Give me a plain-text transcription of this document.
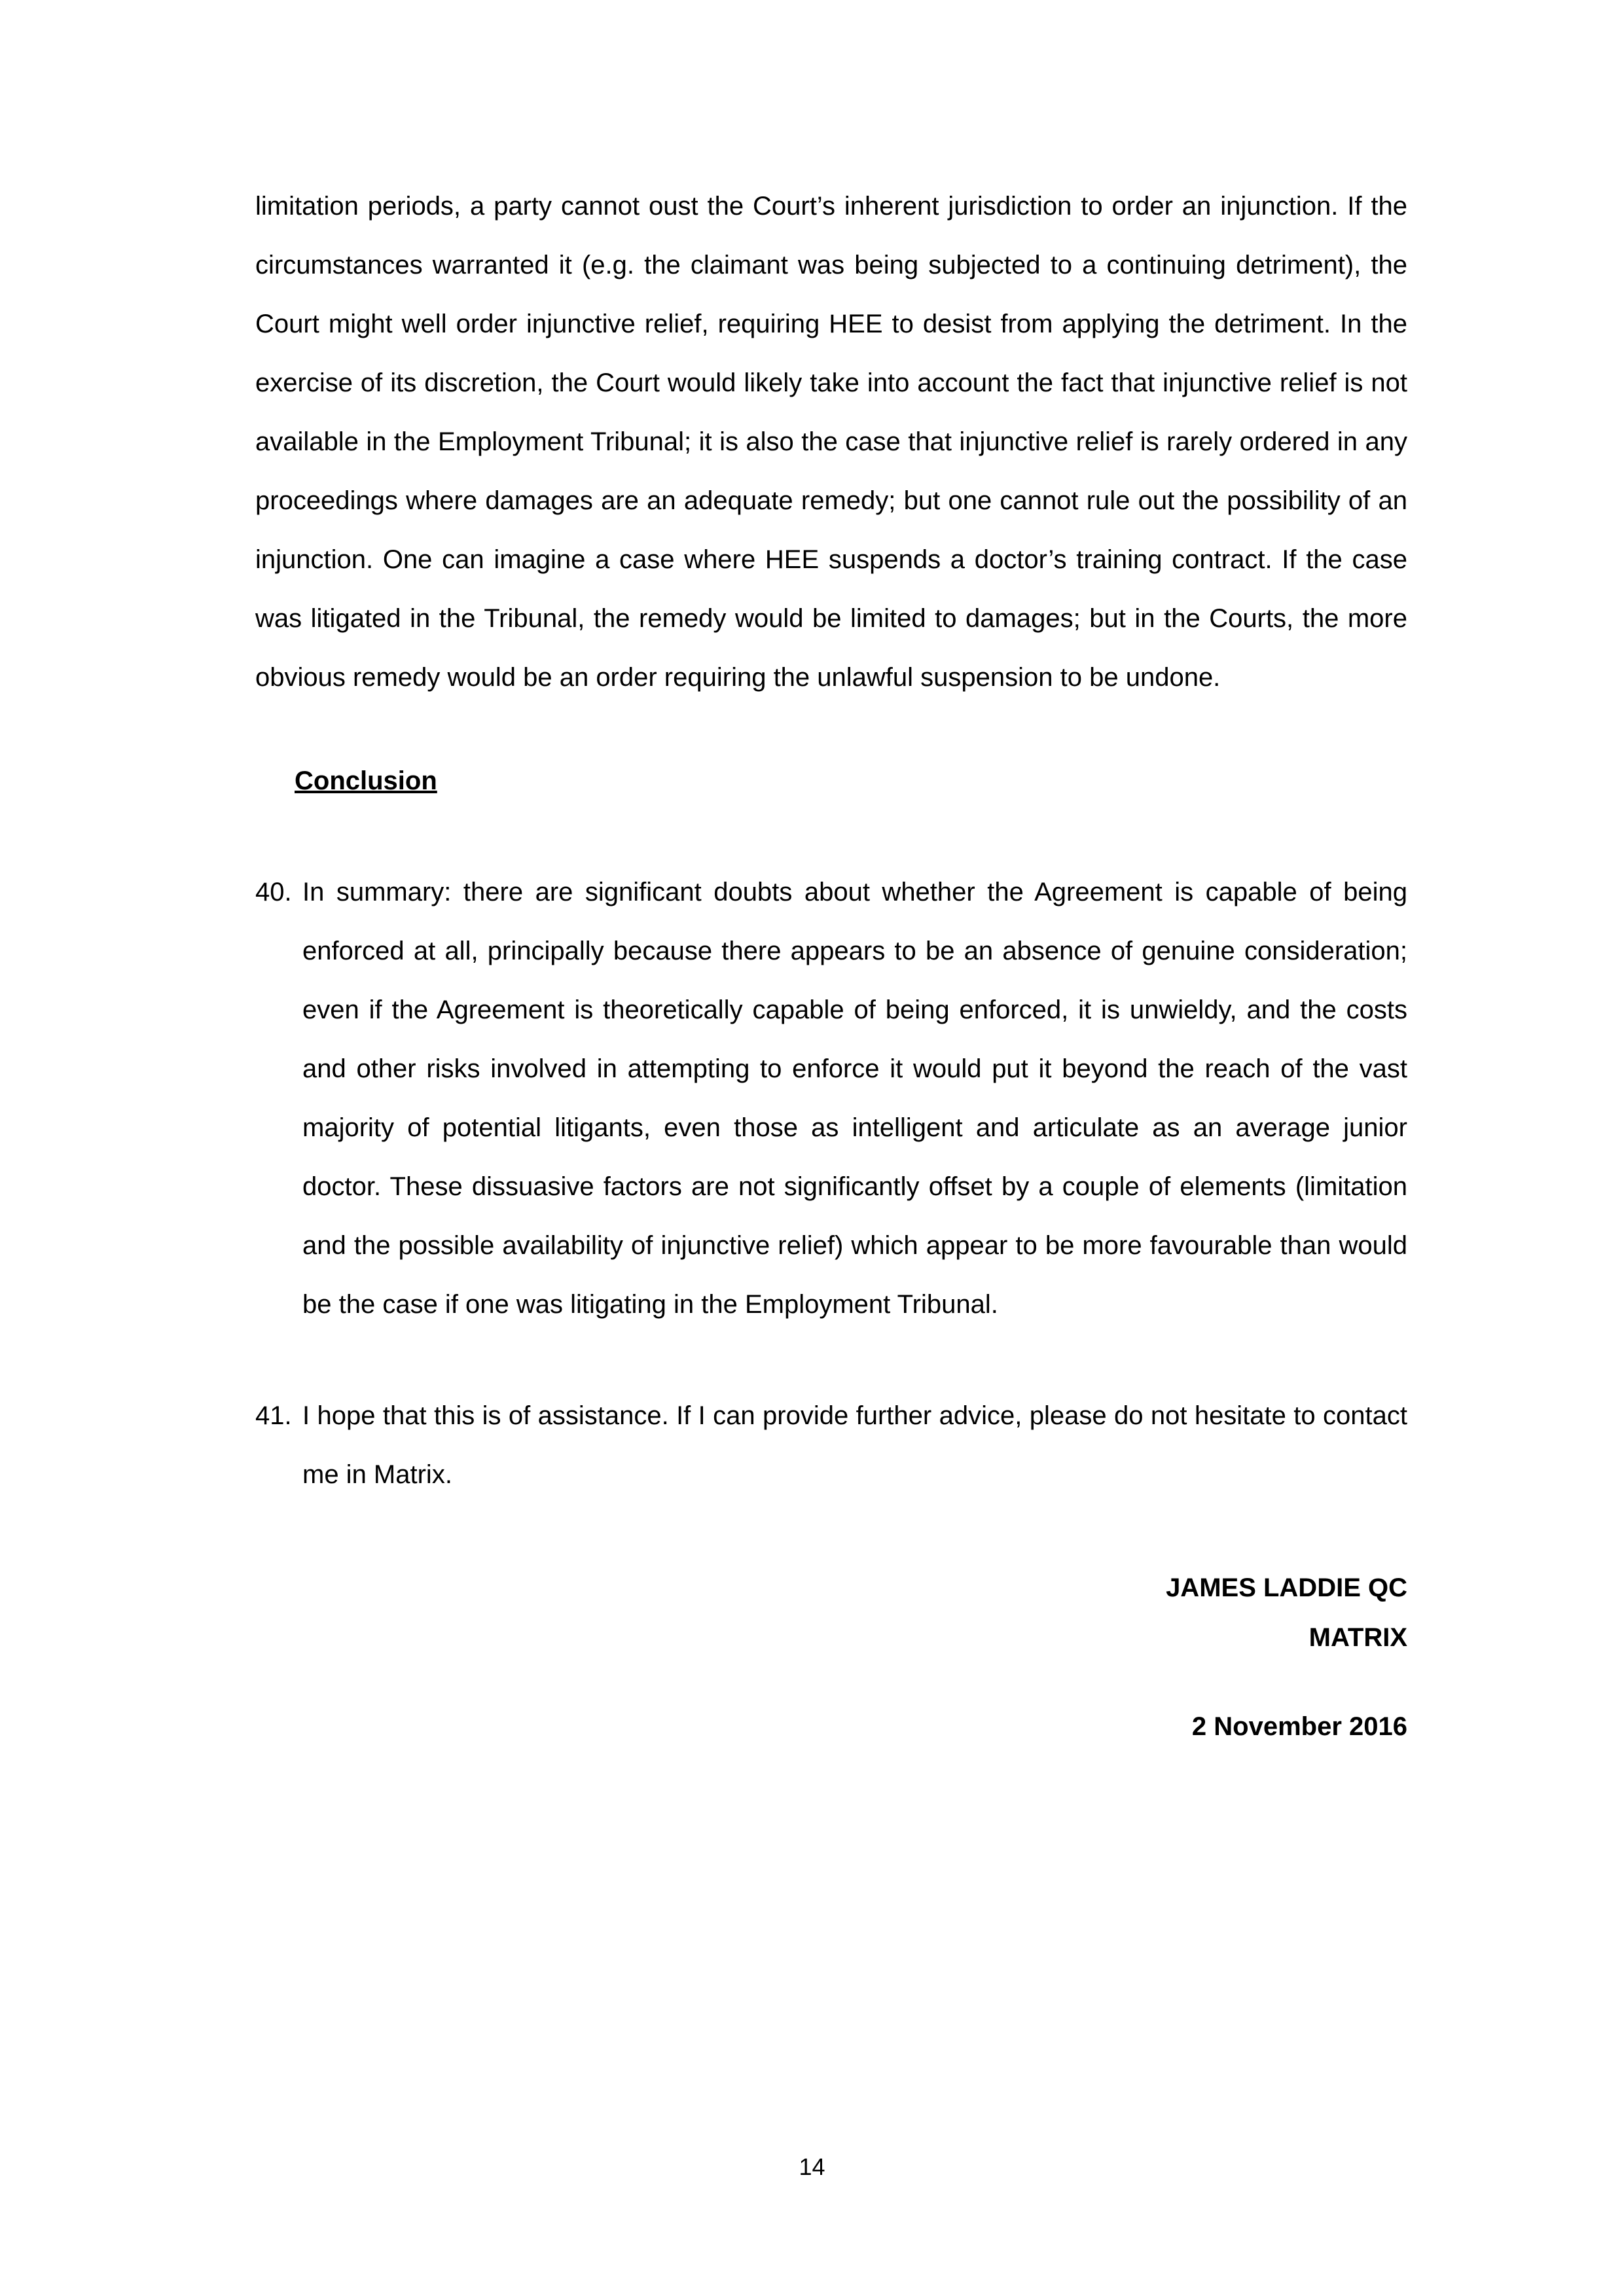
limitation periods, a party cannot oust the Court’s inherent jurisdiction to order an injunction. If the circumstances warranted it (e.g. the claimant was being subjected to a continuing detriment), the Court might well order injunctive relief, requiring HEE to desist from applying the detriment. In the exercise of its discretion, the Court would likely take into account the fact that injunctive relief is not available in the Employment Tribunal; it is also the case that injunctive relief is rarely ordered in any proceedings where damages are an adequate remedy; but one cannot rule out the possibility of an injunction. One can imagine a case where HEE suspends a doctor’s training contract. If the case was litigated in the Tribunal, the remedy would be limited to damages; but in the Courts, the more obvious remedy would be an order requiring the unlawful suspension to be undone.

Conclusion
40. In summary: there are significant doubts about whether the Agreement is capable of being enforced at all, principally because there appears to be an absence of genuine consideration; even if the Agreement is theoretically capable of being enforced, it is unwieldy, and the costs and other risks involved in attempting to enforce it would put it beyond the reach of the vast majority of potential litigants, even those as intelligent and articulate as an average junior doctor. These dissuasive factors are not significantly offset by a couple of elements (limitation and the possible availability of injunctive relief) which appear to be more favourable than would be the case if one was litigating in the Employment Tribunal.

41. I hope that this is of assistance. If I can provide further advice, please do not hesitate to contact me in Matrix.

JAMES LADDIE QC
MATRIX
2 November 2016
14
